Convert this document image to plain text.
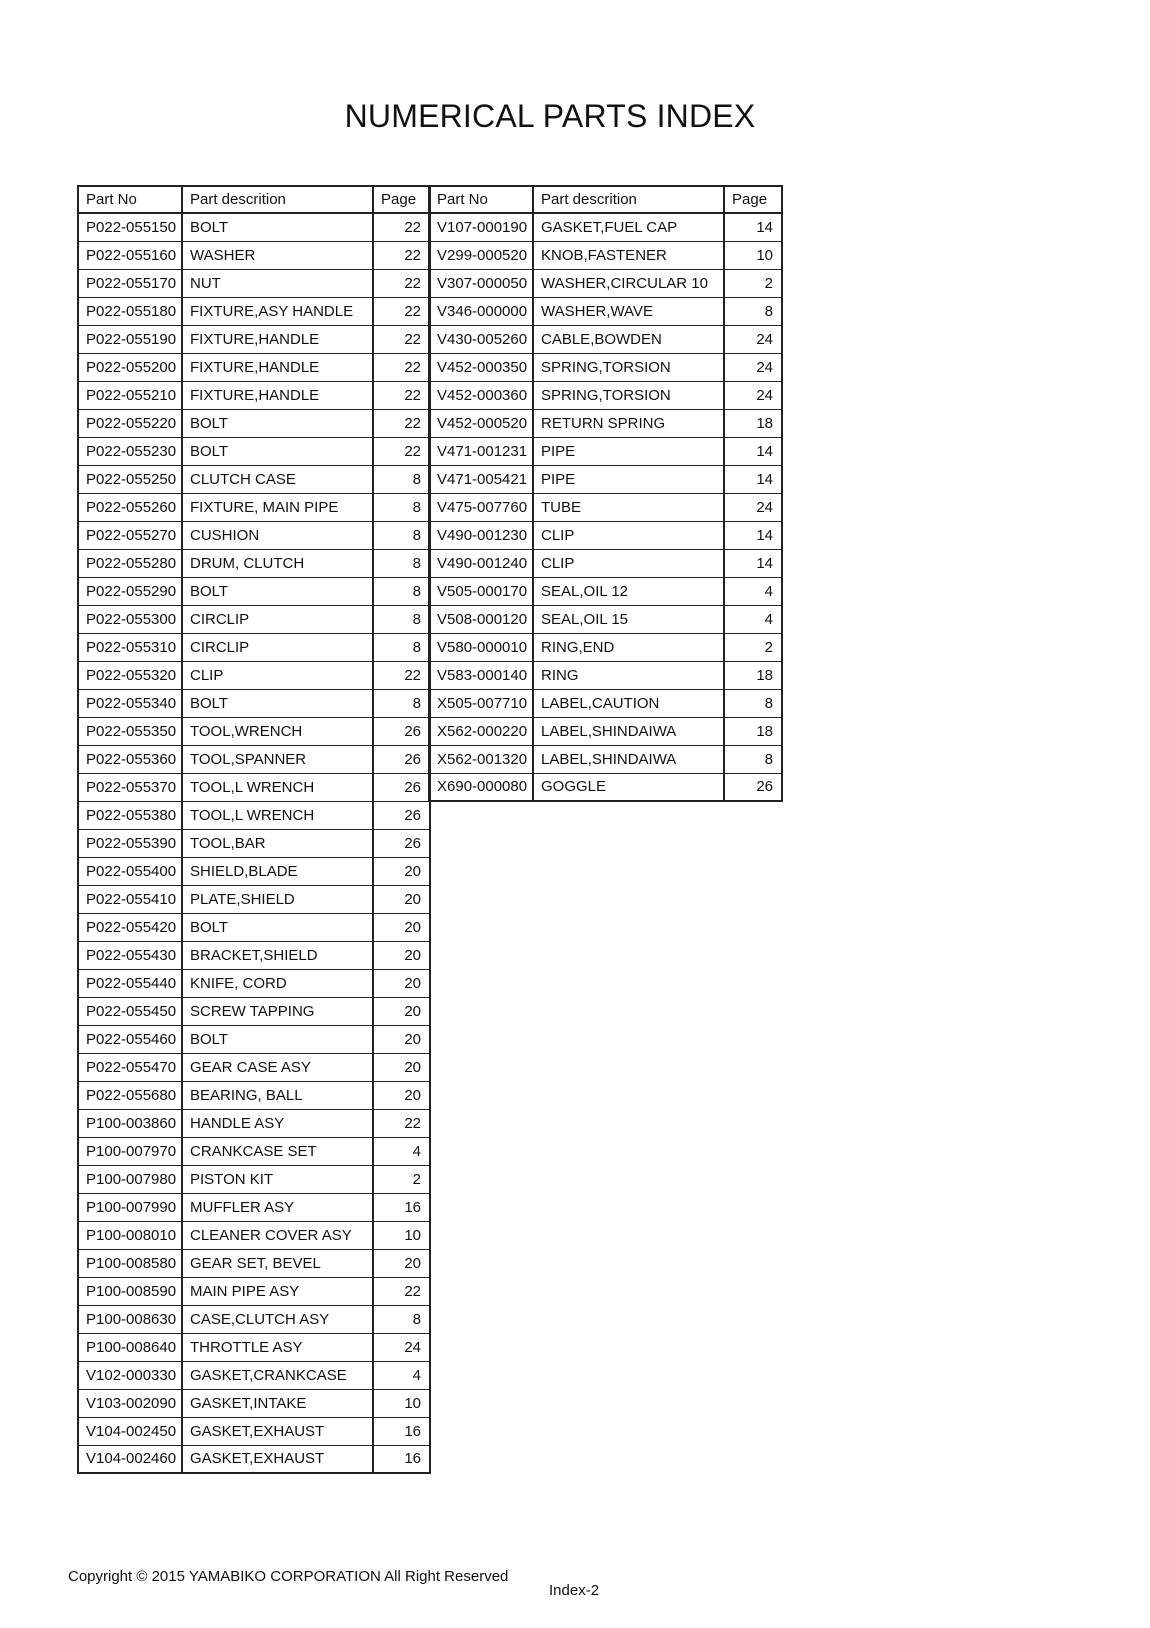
NUMERICAL PARTS INDEX
Part No	Part descrition	Page
P022-055150	BOLT	22
P022-055160	WASHER	22
P022-055170	NUT	22
P022-055180	FIXTURE,ASY HANDLE	22
P022-055190	FIXTURE,HANDLE	22
P022-055200	FIXTURE,HANDLE	22
P022-055210	FIXTURE,HANDLE	22
P022-055220	BOLT	22
P022-055230	BOLT	22
P022-055250	CLUTCH CASE	8
P022-055260	FIXTURE, MAIN PIPE	8
P022-055270	CUSHION	8
P022-055280	DRUM, CLUTCH	8
P022-055290	BOLT	8
P022-055300	CIRCLIP	8
P022-055310	CIRCLIP	8
P022-055320	CLIP	22
P022-055340	BOLT	8
P022-055350	TOOL,WRENCH	26
P022-055360	TOOL,SPANNER	26
P022-055370	TOOL,L WRENCH	26
P022-055380	TOOL,L WRENCH	26
P022-055390	TOOL,BAR	26
P022-055400	SHIELD,BLADE	20
P022-055410	PLATE,SHIELD	20
P022-055420	BOLT	20
P022-055430	BRACKET,SHIELD	20
P022-055440	KNIFE, CORD	20
P022-055450	SCREW TAPPING	20
P022-055460	BOLT	20
P022-055470	GEAR CASE ASY	20
P022-055680	BEARING, BALL	20
P100-003860	HANDLE ASY	22
P100-007970	CRANKCASE SET	4
P100-007980	PISTON KIT	2
P100-007990	MUFFLER ASY	16
P100-008010	CLEANER COVER ASY	10
P100-008580	GEAR SET, BEVEL	20
P100-008590	MAIN PIPE ASY	22
P100-008630	CASE,CLUTCH ASY	8
P100-008640	THROTTLE ASY	24
V102-000330	GASKET,CRANKCASE	4
V103-002090	GASKET,INTAKE	10
V104-002450	GASKET,EXHAUST	16
V104-002460	GASKET,EXHAUST	16
Part No	Part descrition	Page
V107-000190	GASKET,FUEL CAP	14
V299-000520	KNOB,FASTENER	10
V307-000050	WASHER,CIRCULAR 10	2
V346-000000	WASHER,WAVE	8
V430-005260	CABLE,BOWDEN	24
V452-000350	SPRING,TORSION	24
V452-000360	SPRING,TORSION	24
V452-000520	RETURN SPRING	18
V471-001231	PIPE	14
V471-005421	PIPE	14
V475-007760	TUBE	24
V490-001230	CLIP	14
V490-001240	CLIP	14
V505-000170	SEAL,OIL 12	4
V508-000120	SEAL,OIL 15	4
V580-000010	RING,END	2
V583-000140	RING	18
X505-007710	LABEL,CAUTION	8
X562-000220	LABEL,SHINDAIWA	18
X562-001320	LABEL,SHINDAIWA	8
X690-000080	GOGGLE	26
Copyright © 2015 YAMABIKO CORPORATION All Right Reserved
Index-2
